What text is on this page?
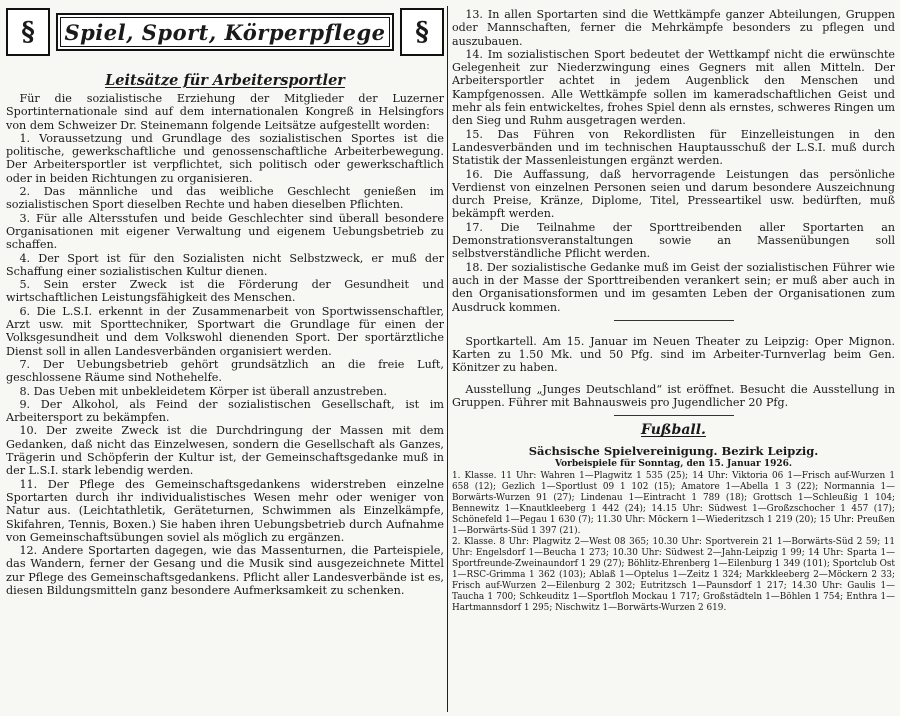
§	Spiel, Sport, Körperpflege	§
Leitsätze für Arbeitersportler

Für die sozialistische Erziehung der Mitglieder der Luzerner Sportinternationale sind auf dem internationalen Kongreß in Helsingfors von dem Schweizer Dr. Steinemann folgende Leitsätze aufgestellt worden:

1. Voraussetzung und Grundlage des sozialistischen Sportes ist die politische, gewerkschaftliche und genossenschaftliche Arbeiterbewegung. Der Arbeitersportler ist verpflichtet, sich politisch oder gewerkschaftlich oder in beiden Richtungen zu organisieren.

2. Das männliche und das weibliche Geschlecht genießen im sozialistischen Sport dieselben Rechte und haben dieselben Pflichten.

3. Für alle Altersstufen und beide Geschlechter sind überall besondere Organisationen mit eigener Verwaltung und eigenem Uebungsbetrieb zu schaffen.

4. Der Sport ist für den Sozialisten nicht Selbstzweck, er muß der Schaffung einer sozialistischen Kultur dienen.

5. Sein erster Zweck ist die Förderung der Gesundheit und wirtschaftlichen Leistungsfähigkeit des Menschen.

6. Die L.S.I. erkennt in der Zusammenarbeit von Sportwissenschaftler, Arzt usw. mit Sporttechniker, Sportwart die Grundlage für einen der Volksgesundheit und dem Volkswohl dienenden Sport. Der sportärztliche Dienst soll in allen Landesverbänden organisiert werden.

7. Der Uebungsbetrieb gehört grundsätzlich an die freie Luft, geschlossene Räume sind Nothehelfe.

8. Das Ueben mit unbekleidetem Körper ist überall anzustreben.

9. Der Alkohol, als Feind der sozialistischen Gesellschaft, ist im Arbeitersport zu bekämpfen.

10. Der zweite Zweck ist die Durchdringung der Massen mit dem Gedanken, daß nicht das Einzelwesen, sondern die Gesellschaft als Ganzes, Trägerin und Schöpferin der Kultur ist, der Gemeinschaftsgedanke muß in der L.S.I. stark lebendig werden.

11. Der Pflege des Gemeinschaftsgedankens widerstreben einzelne Sportarten durch ihr individualistisches Wesen mehr oder weniger von Natur aus. (Leichtathletik, Geräteturnen, Schwimmen als Einzelkämpfe, Skifahren, Tennis, Boxen.) Sie haben ihren Uebungsbetrieb durch Aufnahme von Gemeinschaftsübungen soviel als möglich zu ergänzen.

12. Andere Sportarten dagegen, wie das Massenturnen, die Parteispiele, das Wandern, ferner der Gesang und die Musik sind ausgezeichnete Mittel zur Pflege des Gemeinschaftsgedankens. Pflicht aller Landesverbände ist es, diesen Bildungsmitteln ganz besondere Aufmerksamkeit zu schenken.

13. In allen Sportarten sind die Wettkämpfe ganzer Abteilungen, Gruppen oder Mannschaften, ferner die Mehrkämpfe besonders zu pflegen und auszubauen.

14. Im sozialistischen Sport bedeutet der Wettkampf nicht die erwünschte Gelegenheit zur Niederzwingung eines Gegners mit allen Mitteln. Der Arbeitersportler achtet in jedem Augenblick den Menschen und Kampfgenossen. Alle Wettkämpfe sollen im kameradschaftlichen Geist und mehr als fein entwickeltes, frohes Spiel denn als ernstes, schweres Ringen um den Sieg und Ruhm ausgetragen werden.

15. Das Führen von Rekordlisten für Einzelleistungen in den Landesverbänden und im technischen Hauptausschuß der L.S.I. muß durch Statistik der Massenleistungen ergänzt werden.

16. Die Auffassung, daß hervorragende Leistungen das persönliche Verdienst von einzelnen Personen seien und darum besondere Auszeichnung durch Preise, Kränze, Diplome, Titel, Presseartikel usw. bedürften, muß bekämpft werden.

17. Die Teilnahme der Sporttreibenden aller Sportarten an Demonstrationsveranstaltungen sowie an Massenübungen soll selbstverständliche Pflicht werden.

18. Der sozialistische Gedanke muß im Geist der sozialistischen Führer wie auch in der Masse der Sporttreibenden verankert sein; er muß aber auch in den Organisationsformen und im gesamten Leben der Organisationen zum Ausdruck kommen.

Sportkartell. Am 15. Januar im Neuen Theater zu Leipzig: Oper Mignon. Karten zu 1.50 Mk. und 50 Pfg. sind im Arbeiter-Turnverlag beim Gen. Könitzer zu haben.

Ausstellung „Junges Deutschland“ ist eröffnet. Besucht die Ausstellung in Gruppen. Führer mit Bahnausweis pro Jugendlicher 20 Pfg.

Fußball.
Sächsische Spielvereinigung. Bezirk Leipzig.
Vorbeispiele für Sonntag, den 15. Januar 1926.

1. Klasse. 11 Uhr: Wahren 1—Plagwitz 1 535 (25); 14 Uhr: Viktoria 06 1—Frisch auf-Wurzen 1 658 (12); Gezlich 1—Sportlust 09 1 102 (15); Amatore 1—Abella 1 3 (22); Normannia 1—Borwärts-Wurzen 91 (27); Lindenau 1—Eintracht 1 789 (18); Grottsch 1—Schleußig 1 104; Bennewitz 1—Knautkleeberg 1 442 (24); 14.15 Uhr: Südwest 1—Großzschocher 1 457 (17); Schönefeld 1—Pegau 1 630 (7); 11.30 Uhr: Möckern 1—Wiederitzsch 1 219 (20); 15 Uhr: Preußen 1—Borwärts-Süd 1 397 (21).

2. Klasse. 8 Uhr: Plagwitz 2—West 08 365; 10.30 Uhr: Sportverein 21 1—Borwärts-Süd 2 59; 11 Uhr: Engelsdorf 1—Beucha 1 273; 10.30 Uhr: Südwest 2—Jahn-Leipzig 1 99; 14 Uhr: Sparta 1—Sportfreunde-Zweinaundorf 1 29 (27); Böhlitz-Ehrenberg 1—Eilenburg 1 349 (101); Sportclub Ost 1—RSC-Grimma 1 362 (103); Ablaß 1—Optelus 1—Zeitz 1 324; Markkleeberg 2—Möckern 2 33; Frisch auf-Wurzen 2—Eilenburg 2 302; Eutritzsch 1—Paunsdorf 1 217; 14.30 Uhr: Gaulis 1—Taucha 1 700; Schkeuditz 1—Sportfloh Mockau 1 717; Großstädteln 1—Böhlen 1 754; Enthra 1—Hartmannsdorf 1 295; Nischwitz 1—Borwärts-Wurzen 2 619.
